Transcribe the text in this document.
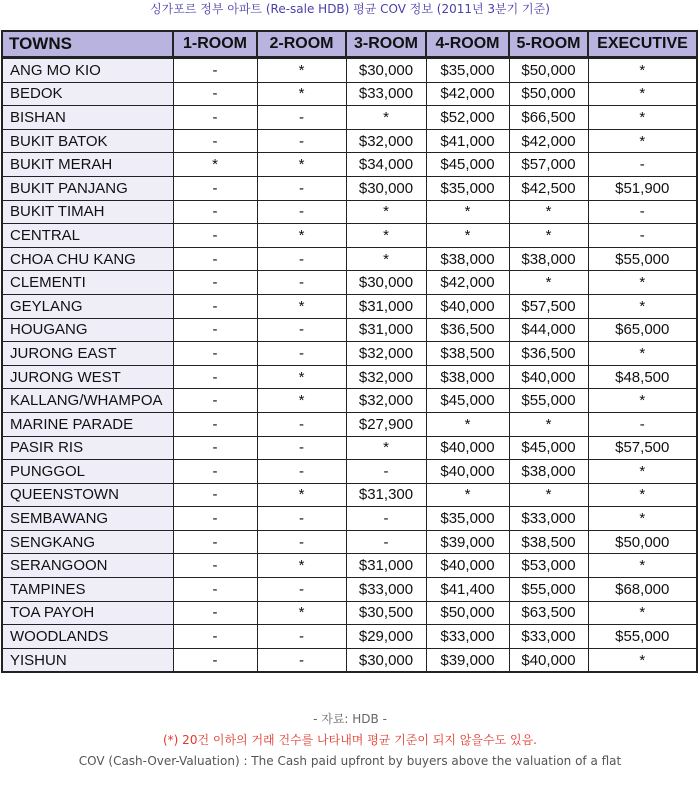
싱가포르 정부 아파트 (Re-sale HDB) 평균 COV 정보 (2011년 3분기 기준)
TOWNS	1-ROOM	2-ROOM	3-ROOM	4-ROOM	5-ROOM	EXECUTIVE
ANG MO KIO	-	*	$30,000	$35,000	$50,000	*
BEDOK	-	*	$33,000	$42,000	$50,000	*
BISHAN	-	-	*	$52,000	$66,500	*
BUKIT BATOK	-	-	$32,000	$41,000	$42,000	*
BUKIT MERAH	*	*	$34,000	$45,000	$57,000	-
BUKIT PANJANG	-	-	$30,000	$35,000	$42,500	$51,900
BUKIT TIMAH	-	-	*	*	*	-
CENTRAL	-	*	*	*	*	-
CHOA CHU KANG	-	-	*	$38,000	$38,000	$55,000
CLEMENTI	-	-	$30,000	$42,000	*	*
GEYLANG	-	*	$31,000	$40,000	$57,500	*
HOUGANG	-	-	$31,000	$36,500	$44,000	$65,000
JURONG EAST	-	-	$32,000	$38,500	$36,500	*
JURONG WEST	-	*	$32,000	$38,000	$40,000	$48,500
KALLANG/WHAMPOA	-	*	$32,000	$45,000	$55,000	*
MARINE PARADE	-	-	$27,900	*	*	-
PASIR RIS	-	-	*	$40,000	$45,000	$57,500
PUNGGOL	-	-	-	$40,000	$38,000	*
QUEENSTOWN	-	*	$31,300	*	*	*
SEMBAWANG	-	-	-	$35,000	$33,000	*
SENGKANG	-	-	-	$39,000	$38,500	$50,000
SERANGOON	-	*	$31,000	$40,000	$53,000	*
TAMPINES	-	-	$33,000	$41,400	$55,000	$68,000
TOA PAYOH	-	*	$30,500	$50,000	$63,500	*
WOODLANDS	-	-	$29,000	$33,000	$33,000	$55,000
YISHUN	-	-	$30,000	$39,000	$40,000	*
- 자료: HDB -
(*) 20건 이하의 거래 건수를 나타내며 평균 기준이 되지 않을수도 있음.
COV (Cash-Over-Valuation) : The Cash paid upfront by buyers above the valuation of a flat
